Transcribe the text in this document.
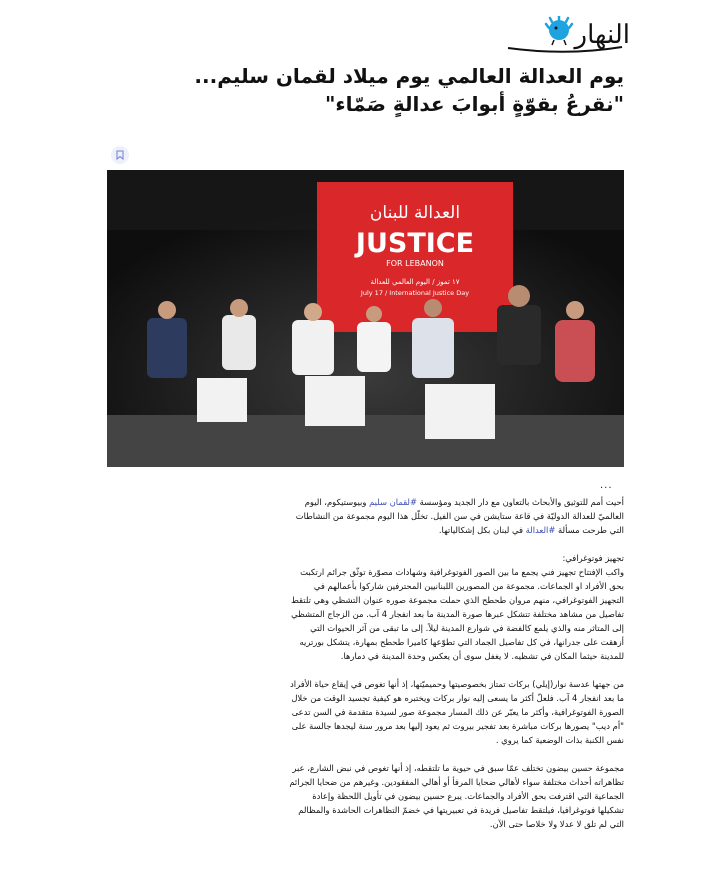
النهار
يوم العدالة العالمي يوم ميلاد لقمان سليم... "نقرعُ بقوّةٍ أبوابَ عدالةٍ صَمّاء"
العدالة للبنان
JUSTICE
FOR LEBANON
١٧ تموز / اليوم العالمي للعدالة
July 17 / International Justice Day
...

أحيت أمم للتوثيق والأبحاث بالتعاون مع دار الجديد ومؤسسة #لقمان سليم وبيوستيكوم، اليوم العالميّ للعدالة الدوليّة في قاعة ستايشن في سن الفيل. تخلّل هذا اليوم مجموعة من النشاطات التي طرحت مسألة #العدالة في لبنان بكل إشكالياتها.

تجهيز فوتوغرافي:

واكب الإفتتاح تجهيز فني يجمع ما بين الصور الفوتوغرافية وشهادات مصوّرة توثّق جرائم ارتكبت بحق الأفراد او الجماعات. مجموعة من المصورين اللبنانيين المحترفين شاركوا بأعمالهم في التجهيز الفوتوغرافي، منهم مروان طحطح الذي حملت مجموعة صوره عنوان التشظي وهي تلتقط تفاصيل من مشاهد مختلفة تتشكل عبرها صورة المدينة ما بعد انفجار 4 آب. من الزجاج المتشظي إلى المتاثر منه والذي يلمع كالفضة في شوارع المدينة ليلاً. إلى ما تبقى من آثر الحيوات التي أزهقت على جدرانها، في كل تفاصيل الجماد التي تطوّعها كاميرا طحطح بمهارة، يتشكل بورتريه للمدينة حيثما المكان في تشظيه. لا يغفل سوى أن يعكس وحدة المدينة في دمارها.

من جهتها عدسة نوار(إيلي) بركات تمتاز بخصوصيتها وحميميّتها، إذ أنها تغوص في إيقاع حياة الأفراد ما بعد انفجار 4 آب. فلعلّ أكثر ما يسعى إليه نوار بركات ويختبره هو كيفية تجسيد الوقت من خلال الصورة الفوتوغرافية، وأكثر ما يعبّر عن ذلك المسار مجموعة صور لسيدة متقدمة في السن تدعى "أم ديب" يصورها بركات مباشرة بعد تفجير بيروت ثم يعود إليها بعد مرور سنة ليجدها جالسة على نفس الكنبة بذات الوضعية كما يروي .

مجموعة حسين بيضون تختلف عمّا سبق في حيوية ما تلتقطه، إذ أنها تغوص في نبض الشارع، عبر تظاهراته أحداث مختلفة سواء لأهالي ضحايا المرفأ أو أهالي المفقودين. وغيرهم من ضحايا الجرائم الجماعية التي اقترفت بحق الأفراد والجماعات. يبرع حسين بيضون في تأويل اللحظة وإعادة تشكيلها فوتوغرافيا، فيلتقط تفاصيل فريدة في تعبيريتها في خضمّ التظاهرات الحاشدة والمظالم التي لم تلق لا عدلا ولا خلاصا حتى الآن.
